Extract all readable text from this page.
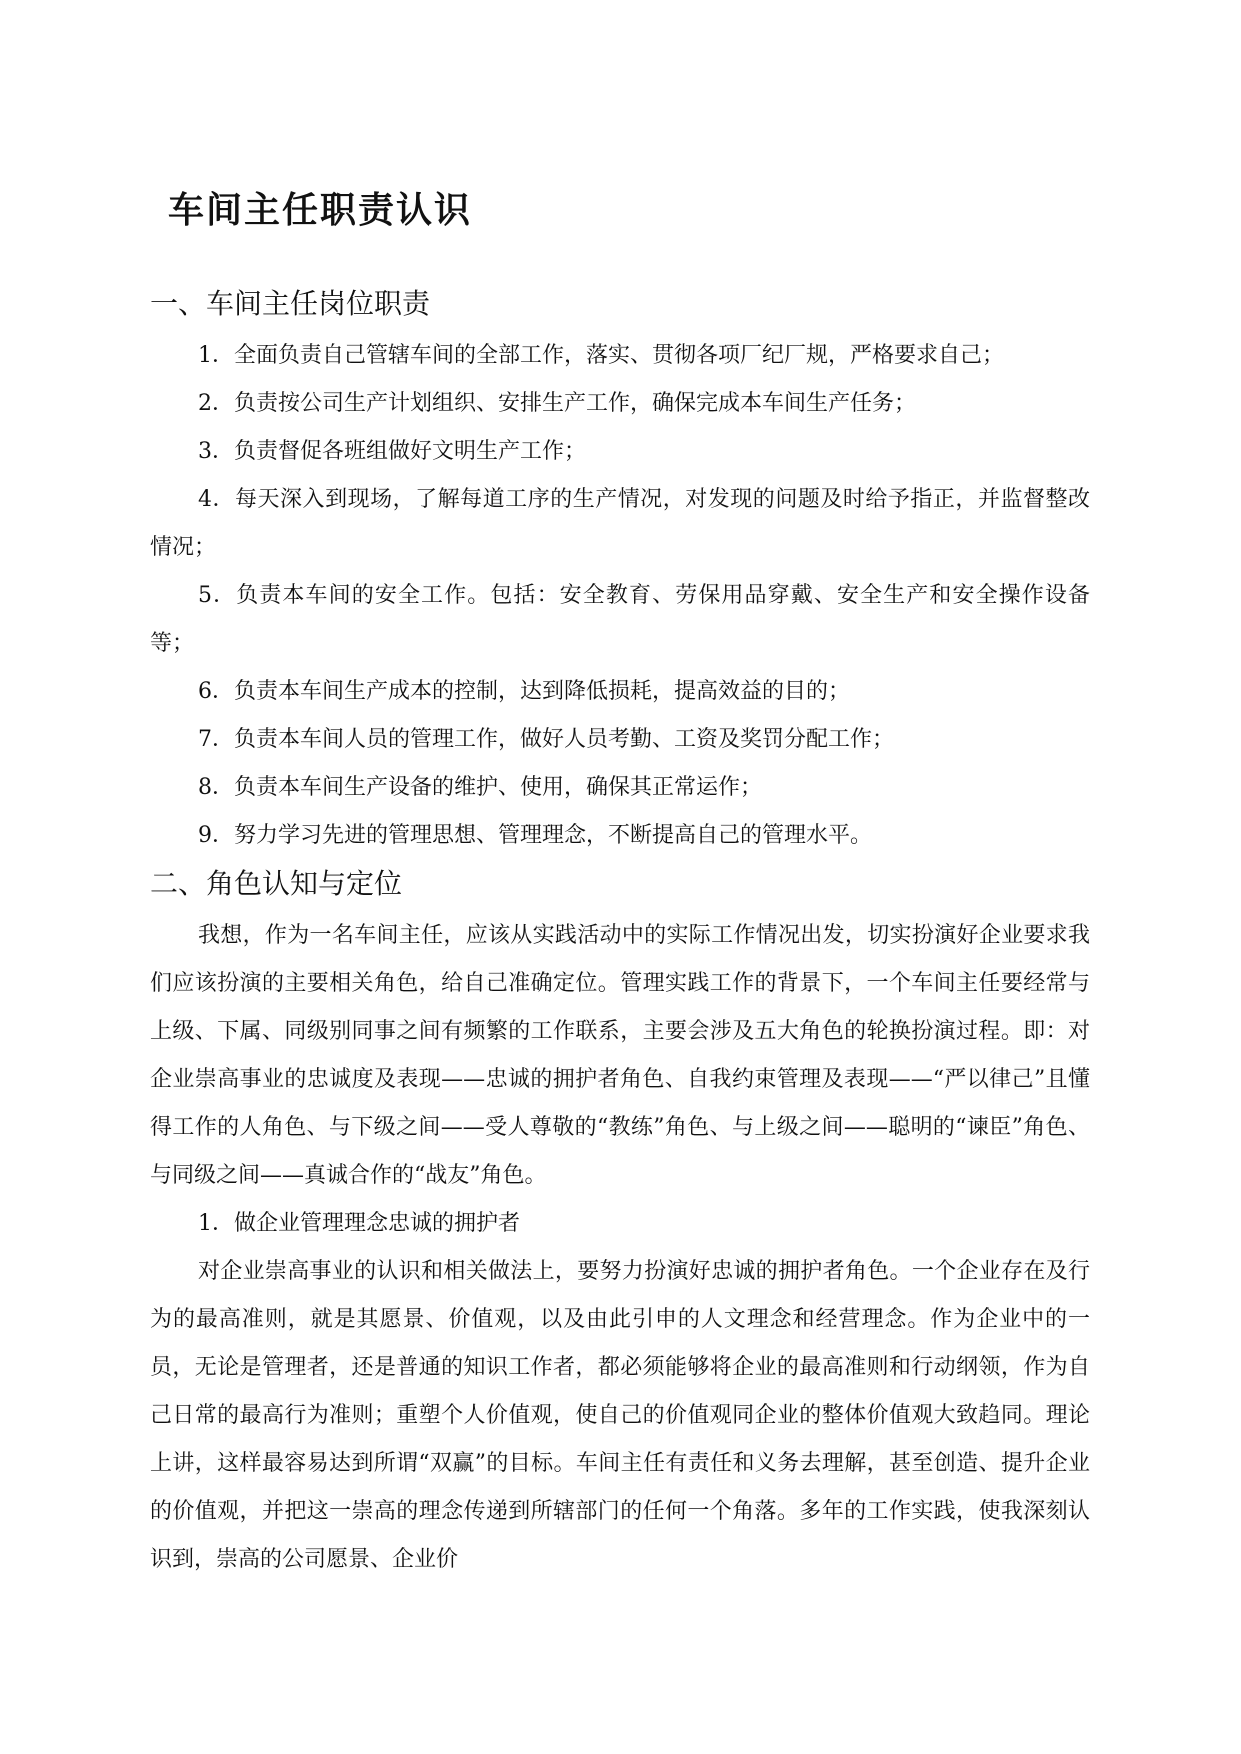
车间主任职责认识
一、车间主任岗位职责

1．全面负责自己管辖车间的全部工作，落实、贯彻各项厂纪厂规，严格要求自己；

2．负责按公司生产计划组织、安排生产工作，确保完成本车间生产任务；

3．负责督促各班组做好文明生产工作；

4．每天深入到现场，了解每道工序的生产情况，对发现的问题及时给予指正，并监督整改情况；

5．负责本车间的安全工作。包括：安全教育、劳保用品穿戴、安全生产和安全操作设备等；

6．负责本车间生产成本的控制，达到降低损耗，提高效益的目的；

7．负责本车间人员的管理工作，做好人员考勤、工资及奖罚分配工作；

8．负责本车间生产设备的维护、使用，确保其正常运作；

9．努力学习先进的管理思想、管理理念，不断提高自己的管理水平。

二、角色认知与定位

我想，作为一名车间主任，应该从实践活动中的实际工作情况出发，切实扮演好企业要求我们应该扮演的主要相关角色，给自己准确定位。管理实践工作的背景下，一个车间主任要经常与上级、下属、同级别同事之间有频繁的工作联系，主要会涉及五大角色的轮换扮演过程。即：对企业崇高事业的忠诚度及表现——忠诚的拥护者角色、自我约束管理及表现——“严以律己”且懂得工作的人角色、与下级之间——受人尊敬的“教练”角色、与上级之间——聪明的“谏臣”角色、与同级之间——真诚合作的“战友”角色。

1．做企业管理理念忠诚的拥护者

对企业崇高事业的认识和相关做法上，要努力扮演好忠诚的拥护者角色。一个企业存在及行为的最高准则，就是其愿景、价值观，以及由此引申的人文理念和经营理念。作为企业中的一员，无论是管理者，还是普通的知识工作者，都必须能够将企业的最高准则和行动纲领，作为自己日常的最高行为准则；重塑个人价值观，使自己的价值观同企业的整体价值观大致趋同。理论上讲，这样最容易达到所谓“双赢”的目标。车间主任有责任和义务去理解，甚至创造、提升企业的价值观，并把这一崇高的理念传递到所辖部门的任何一个角落。多年的工作实践，使我深刻认识到，崇高的公司愿景、企业价
